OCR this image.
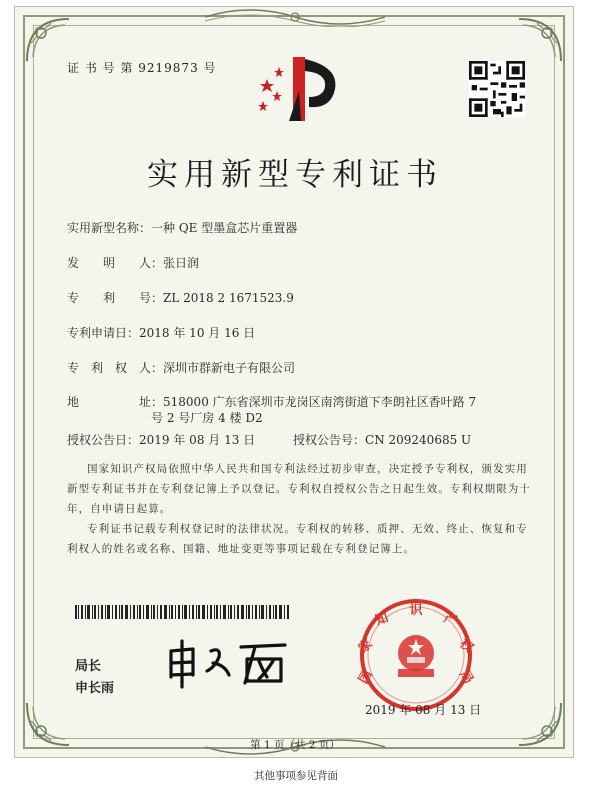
证 书 号 第 9219873 号
实用新型专利证书
实用新型名称：一种 QE 型墨盒芯片重置器
发　　明　　人：张日润
专　　利　　号：ZL 2018 2 1671523.9
专利申请日：2018 年 10 月 16 日
专　利　权　人：深圳市群新电子有限公司
地　　　　　址：518000 广东省深圳市龙岗区南湾街道下李朗社区香叶路 7
号 2 号厂房 4 楼 D2
授权公告日：2019 年 08 月 13 日	授权公告号：CN 209240685 U
国家知识产权局依照中华人民共和国专利法经过初步审查，决定授予专利权，颁发实用
新型专利证书并在专利登记簿上予以登记。专利权自授权公告之日起生效。专利权期限为十
年，自申请日起算。
专利证书记载专利权登记时的法律状况。专利权的转移、质押、无效、终止、恢复和专
利权人的姓名或名称、国籍、地址变更等事项记载在专利登记簿上。
局长
申长雨
国
家
知 识 产
权
局
2019 年 08 月 13 日
第 1 页（共 2 页）
其他事项参见背面
